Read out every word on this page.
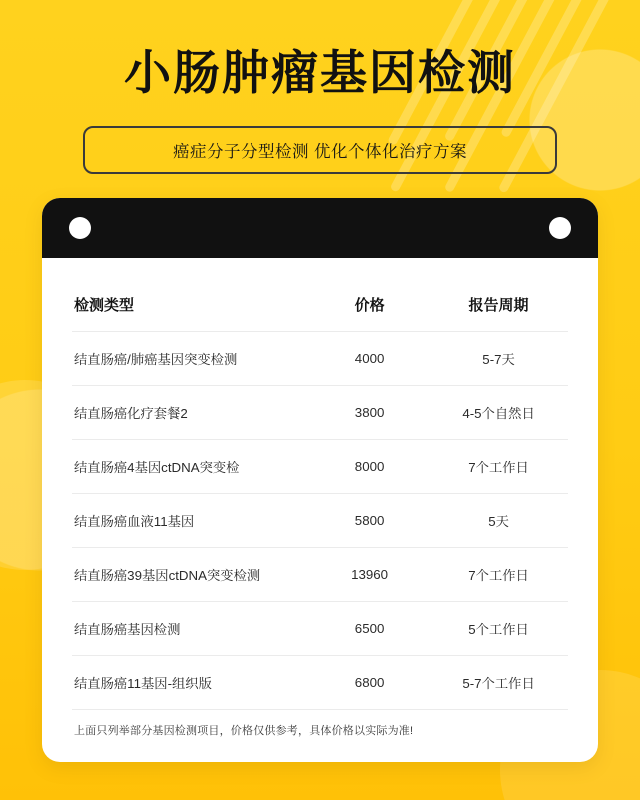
小肠肿瘤基因检测
癌症分子分型检测 优化个体化治疗方案
检测类型	价格	报告周期
结直肠癌/肺癌基因突变检测	4000	5-7天
结直肠癌化疗套餐2	3800	4-5个自然日
结直肠癌4基因ctDNA突变检	8000	7个工作日
结直肠癌血液11基因	5800	5天
结直肠癌39基因ctDNA突变检测	13960	7个工作日
结直肠癌基因检测	6500	5个工作日
结直肠癌11基因-组织版	6800	5-7个工作日
上面只列举部分基因检测项目，价格仅供参考，具体价格以实际为准!
